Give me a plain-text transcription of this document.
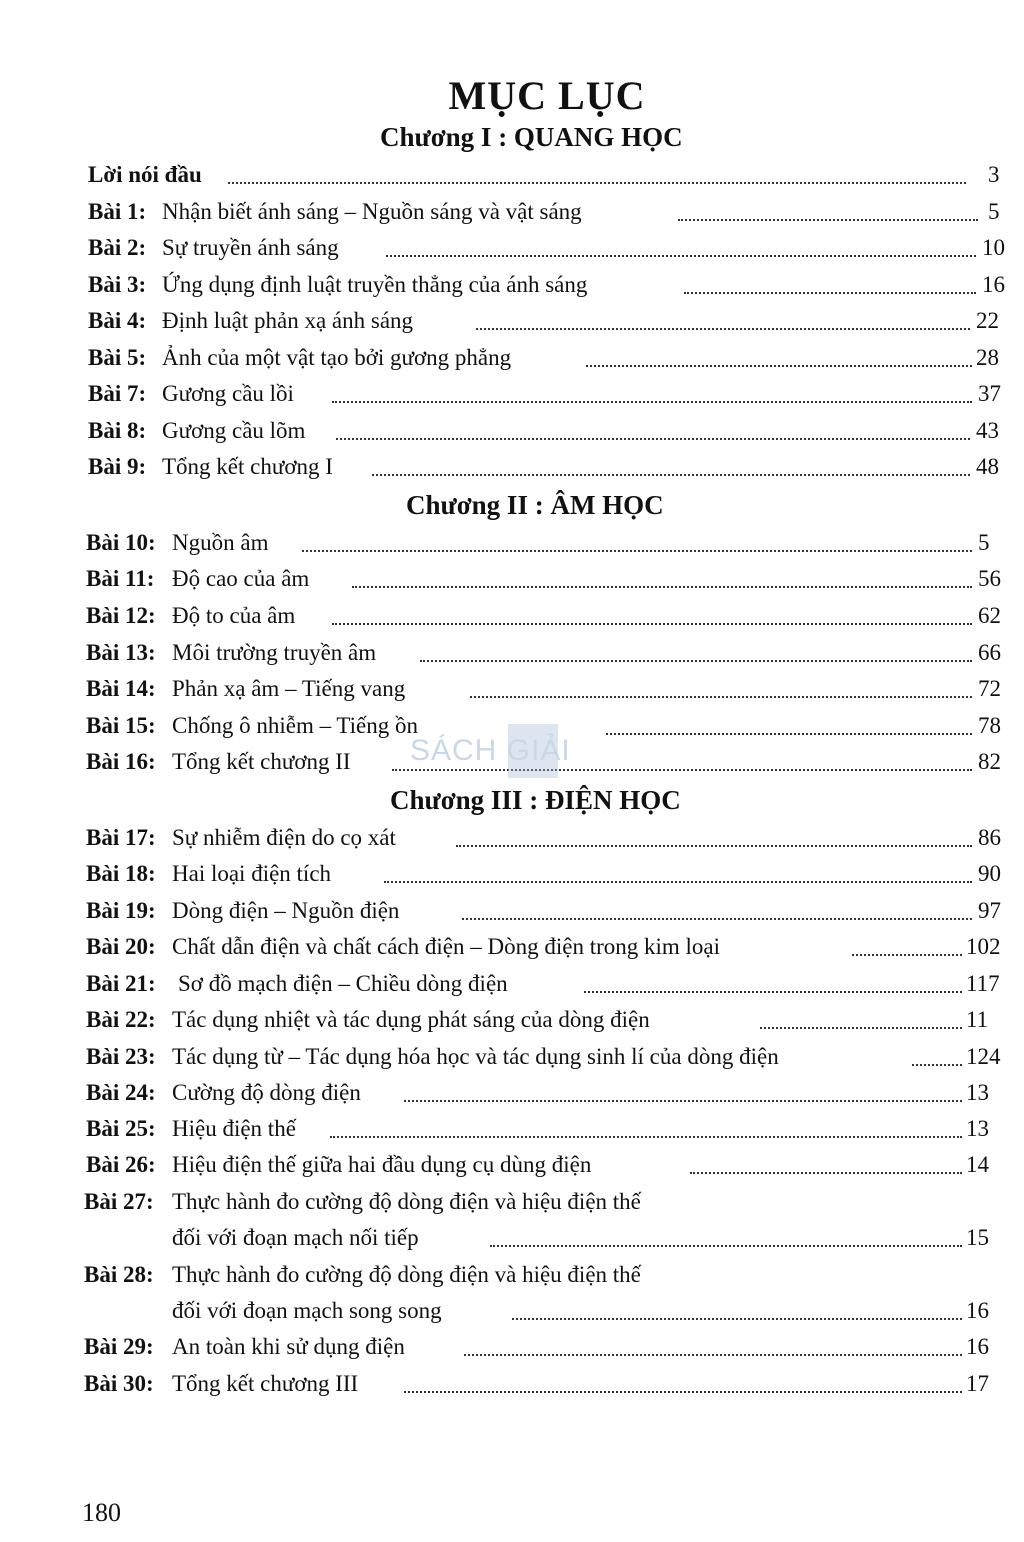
MỤC LỤC
Chương I : QUANG HỌC
Lời nói đầu	3
Bài 1: Nhận biết ánh sáng – Nguồn sáng và vật sáng	5
Bài 2: Sự truyền ánh sáng	10
Bài 3: Ứng dụng định luật truyền thẳng của ánh sáng	16
Bài 4: Định luật phản xạ ánh sáng	22
Bài 5: Ảnh của một vật tạo bởi gương phẳng	28
Bài 7: Gương cầu lồi	37
Bài 8: Gương cầu lõm	43
Bài 9: Tổng kết chương I	48
Chương II : ÂM HỌC
Bài 10: Nguồn âm	5
Bài 11: Độ cao của âm	56
Bài 12: Độ to của âm	62
Bài 13: Môi trường truyền âm	66
Bài 14: Phản xạ âm – Tiếng vang	72
Bài 15: Chống ô nhiễm – Tiếng ồn	78
Bài 16: Tổng kết chương II	82
SÁCH GIẢI
Chương III : ĐIỆN HỌC
Bài 17: Sự nhiễm điện do cọ xát	86
Bài 18: Hai loại điện tích	90
Bài 19: Dòng điện – Nguồn điện	97
Bài 20: Chất dẫn điện và chất cách điện – Dòng điện trong kim loại	102
Bài 21: Sơ đồ mạch điện – Chiều dòng điện	117
Bài 22: Tác dụng nhiệt và tác dụng phát sáng của dòng điện	11
Bài 23: Tác dụng từ – Tác dụng hóa học và tác dụng sinh lí của dòng điện	124
Bài 24: Cường độ dòng điện	13
Bài 25: Hiệu điện thế	13
Bài 26: Hiệu điện thế giữa hai đầu dụng cụ dùng điện	14
Bài 27: Thực hành đo cường độ dòng điện và hiệu điện thế
đối với đoạn mạch nối tiếp	15
Bài 28: Thực hành đo cường độ dòng điện và hiệu điện thế
đối với đoạn mạch song song	16
Bài 29: An toàn khi sử dụng điện	16
Bài 30: Tổng kết chương III	17
180
